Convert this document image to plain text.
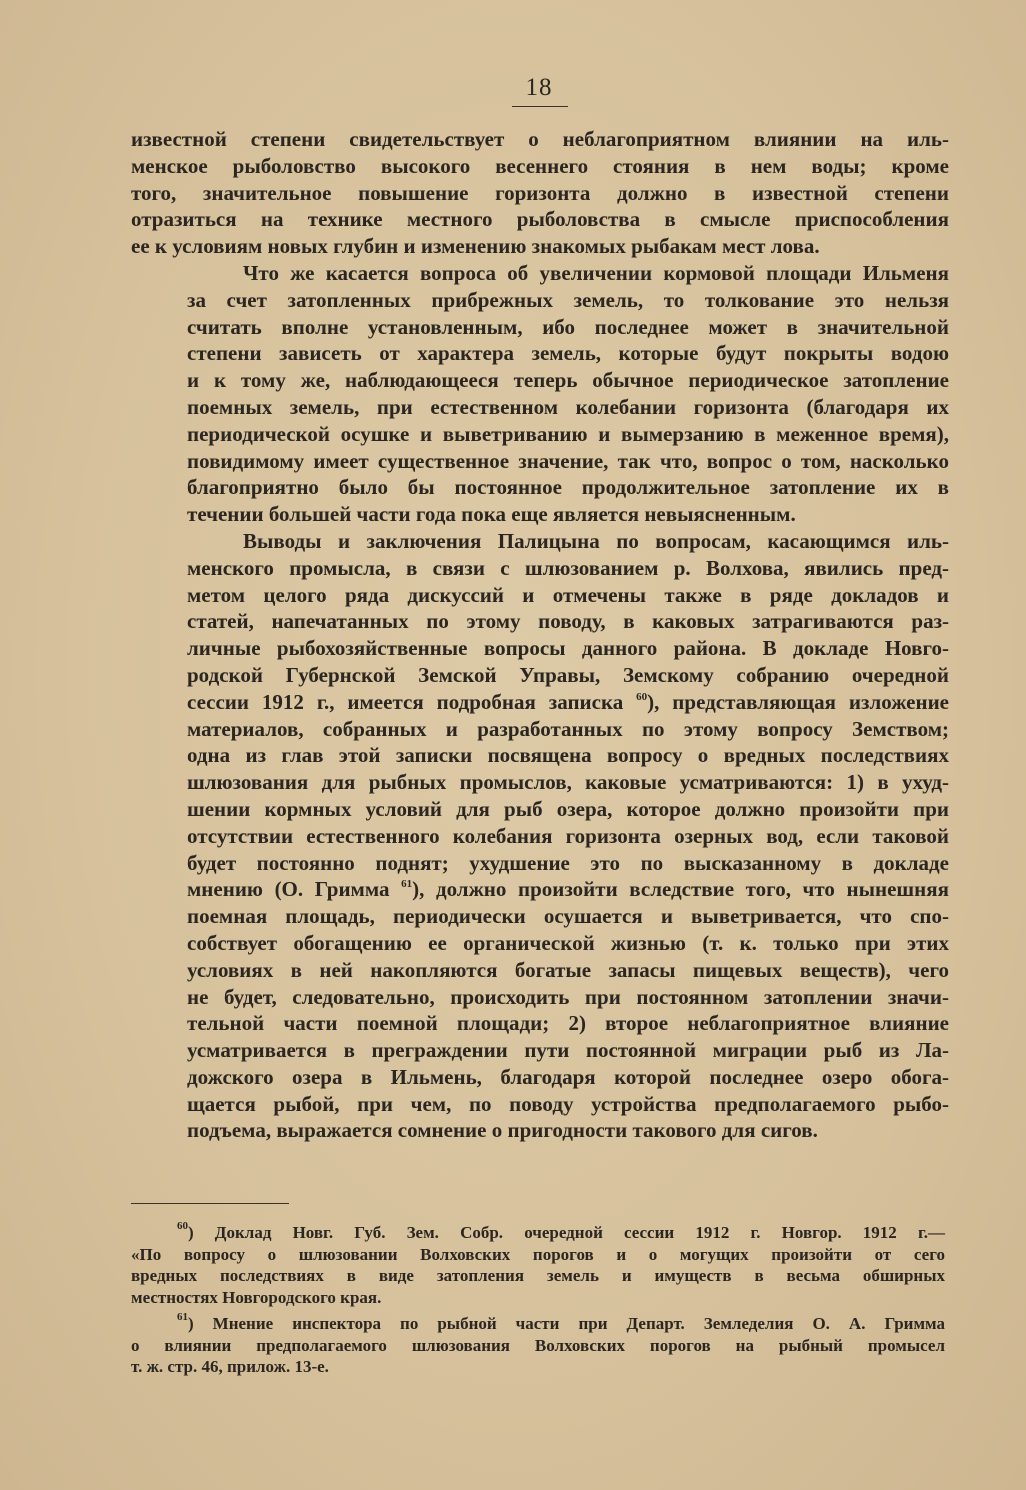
18
известной степени свидетельствует о неблагоприятном влиянии на иль-
менское рыболовство высокого весеннего стояния в нем воды; кроме
того, значительное повышение горизонта должно в известной степени
отразиться на технике местного рыболовства в смысле приспособления
ее к условиям новых глубин и изменению знакомых рыбакам мест лова.
Что же касается вопроса об увеличении кормовой площади Ильменя
за счет затопленных прибрежных земель, то толкование это нельзя
считать вполне установленным, ибо последнее может в значительной
степени зависеть от характера земель, которые будут покрыты водою
и к тому же, наблюдающееся теперь обычное периодическое затопление
поемных земель, при естественном колебании горизонта (благодаря их
периодической осушке и выветриванию и вымерзанию в меженное время),
повидимому имеет существенное значение, так что, вопрос о том, насколько
благоприятно было бы постоянное продолжительное затопление их в
течении большей части года пока еще является невыясненным.
Выводы и заключения Палицына по вопросам, касающимся иль-
менского промысла, в связи с шлюзованием р. Волхова, явились пред-
метом целого ряда дискуссий и отмечены также в ряде докладов и
статей, напечатанных по этому поводу, в каковых затрагиваются раз-
личные рыбохозяйственные вопросы данного района. В докладе Новго-
родской Губернской Земской Управы, Земскому собранию очередной
сессии 1912 г., имеется подробная записка $^{60}$), представляющая изложение
материалов, собранных и разработанных по этому вопросу Земством;
одна из глав этой записки посвящена вопросу о вредных последствиях
шлюзования для рыбных промыслов, каковые усматриваются: 1) в ухуд-
шении кормных условий для рыб озера, которое должно произойти при
отсутствии естественного колебания горизонта озерных вод, если таковой
будет постоянно поднят; ухудшение это по высказанному в докладе
мнению (О. Гримма $^{61}$), должно произойти вследствие того, что нынешняя
поемная площадь, периодически осушается и выветривается, что спо-
собствует обогащению ее органической жизнью (т. к. только при этих
условиях в ней накопляются богатые запасы пищевых веществ), чего
не будет, следовательно, происходить при постоянном затоплении значи-
тельной части поемной площади; 2) второе неблагоприятное влияние
усматривается в преграждении пути постоянной миграции рыб из Ла-
дожского озера в Ильмень, благодаря которой последнее озеро обога-
щается рыбой, при чем, по поводу устройства предполагаемого рыбо-
подъема, выражается сомнение о пригодности такового для сигов.
$^{60}$) Доклад Новг. Губ. Зем. Собр. очередной сессии 1912 г. Новгор. 1912 г.—
«По вопросу о шлюзовании Волховских порогов и о могущих произойти от сего
вредных последствиях в виде затопления земель и имуществ в весьма обширных
местностях Новгородского края.
$^{61}$) Мнение инспектора по рыбной части при Департ. Земледелия О. А. Гримма
о влиянии предполагаемого шлюзования Волховских порогов на рыбный промысел
т. ж. стр. 46, прилож. 13-е.
